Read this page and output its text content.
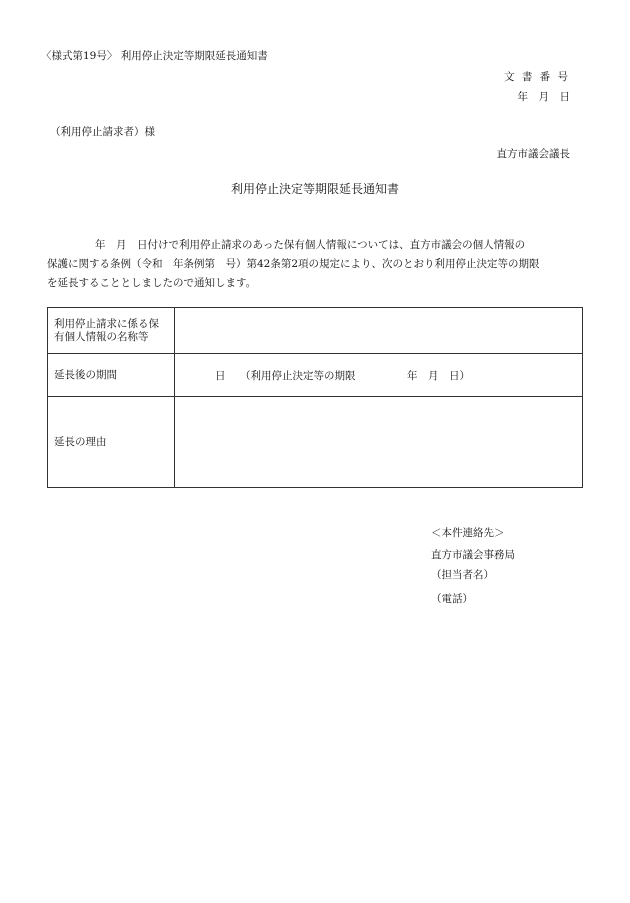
〈様式第19号〉 利用停止決定等期限延長通知書
文 書 番 号
年　月　日
（利用停止請求者）様
直方市議会議長
利用停止決定等期限延長通知書
年　月　日付けで利用停止請求のあった保有個人情報については、直方市議会の個人情報の
保護に関する条例（令和　年条例第　号）第42条第2項の規定により、次のとおり利用停止決定等の期限
を延長することとしましたので通知します。
利用停止請求に係る保有個人情報の名称等	
延長後の期間	日 （利用停止決定等の期限 年　月　日）

延長の理由	
＜本件連絡先＞
直方市議会事務局
（担当者名）
（電話）
